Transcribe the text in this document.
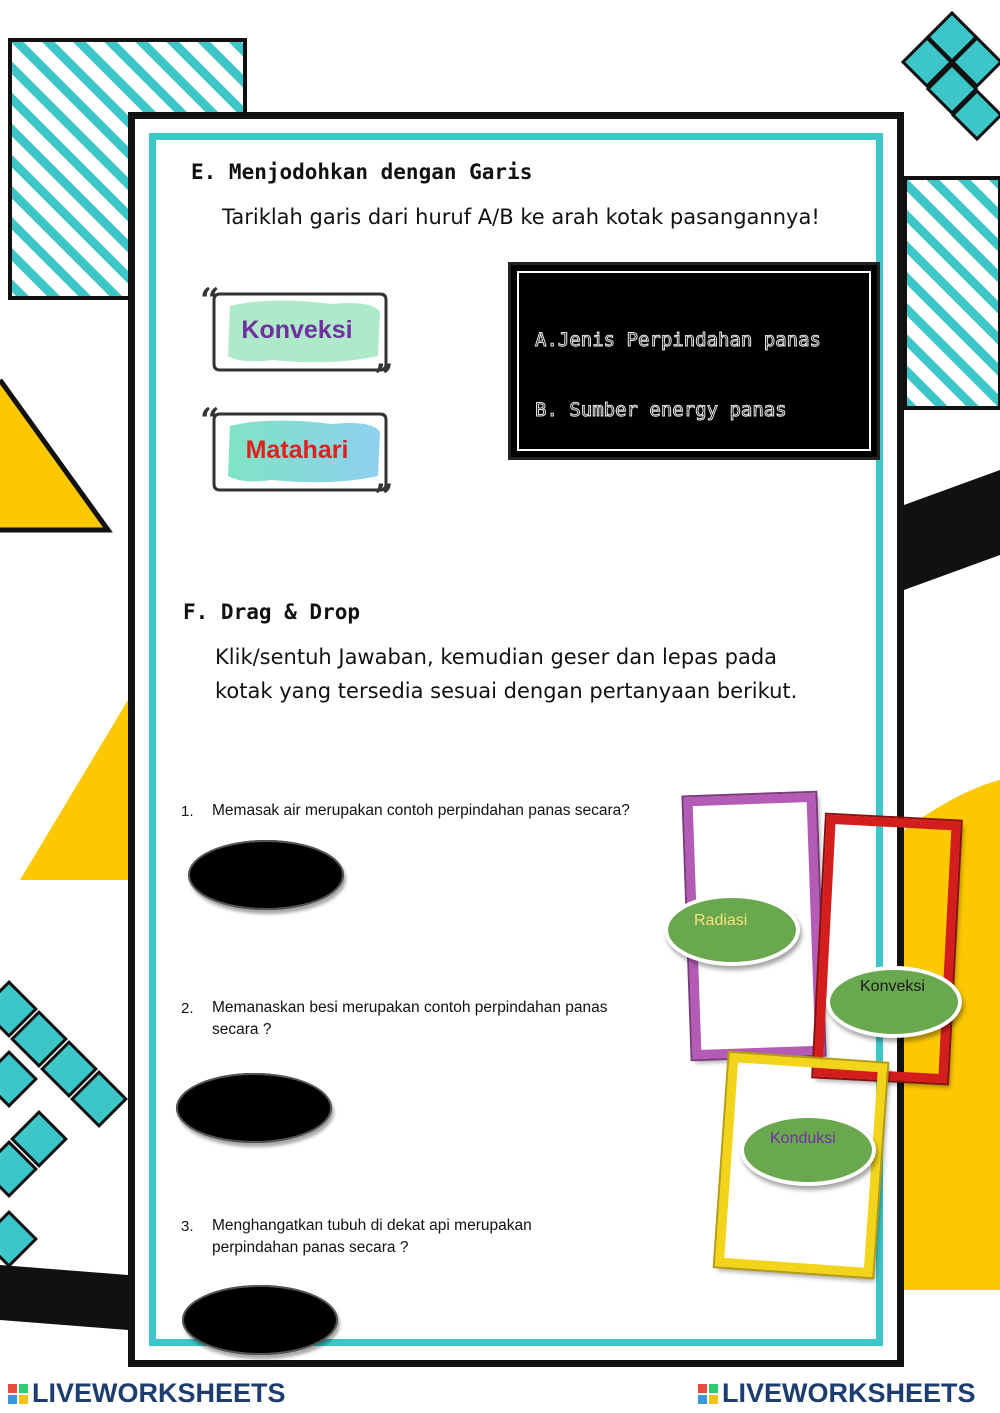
E. Menjodohkan dengan Garis
Tariklah garis dari huruf A/B ke arah kotak pasangannya!
“
”
Konveksi
“
”
Matahari
A.Jenis Perpindahan panas
B. Sumber energy panas
F. Drag & Drop
Klik/sentuh Jawaban, kemudian geser dan lepas pada
kotak yang tersedia sesuai dengan pertanyaan berikut.
1. Memasak air merupakan contoh perpindahan panas secara?
2. Memanaskan besi merupakan contoh perpindahan panas
secara ?
3. Menghangatkan tubuh di dekat api merupakan
perpindahan panas secara ?
Radiasi
Konveksi
Konduksi
LIVEWORKSHEETS	LIVEWORKSHEETS
